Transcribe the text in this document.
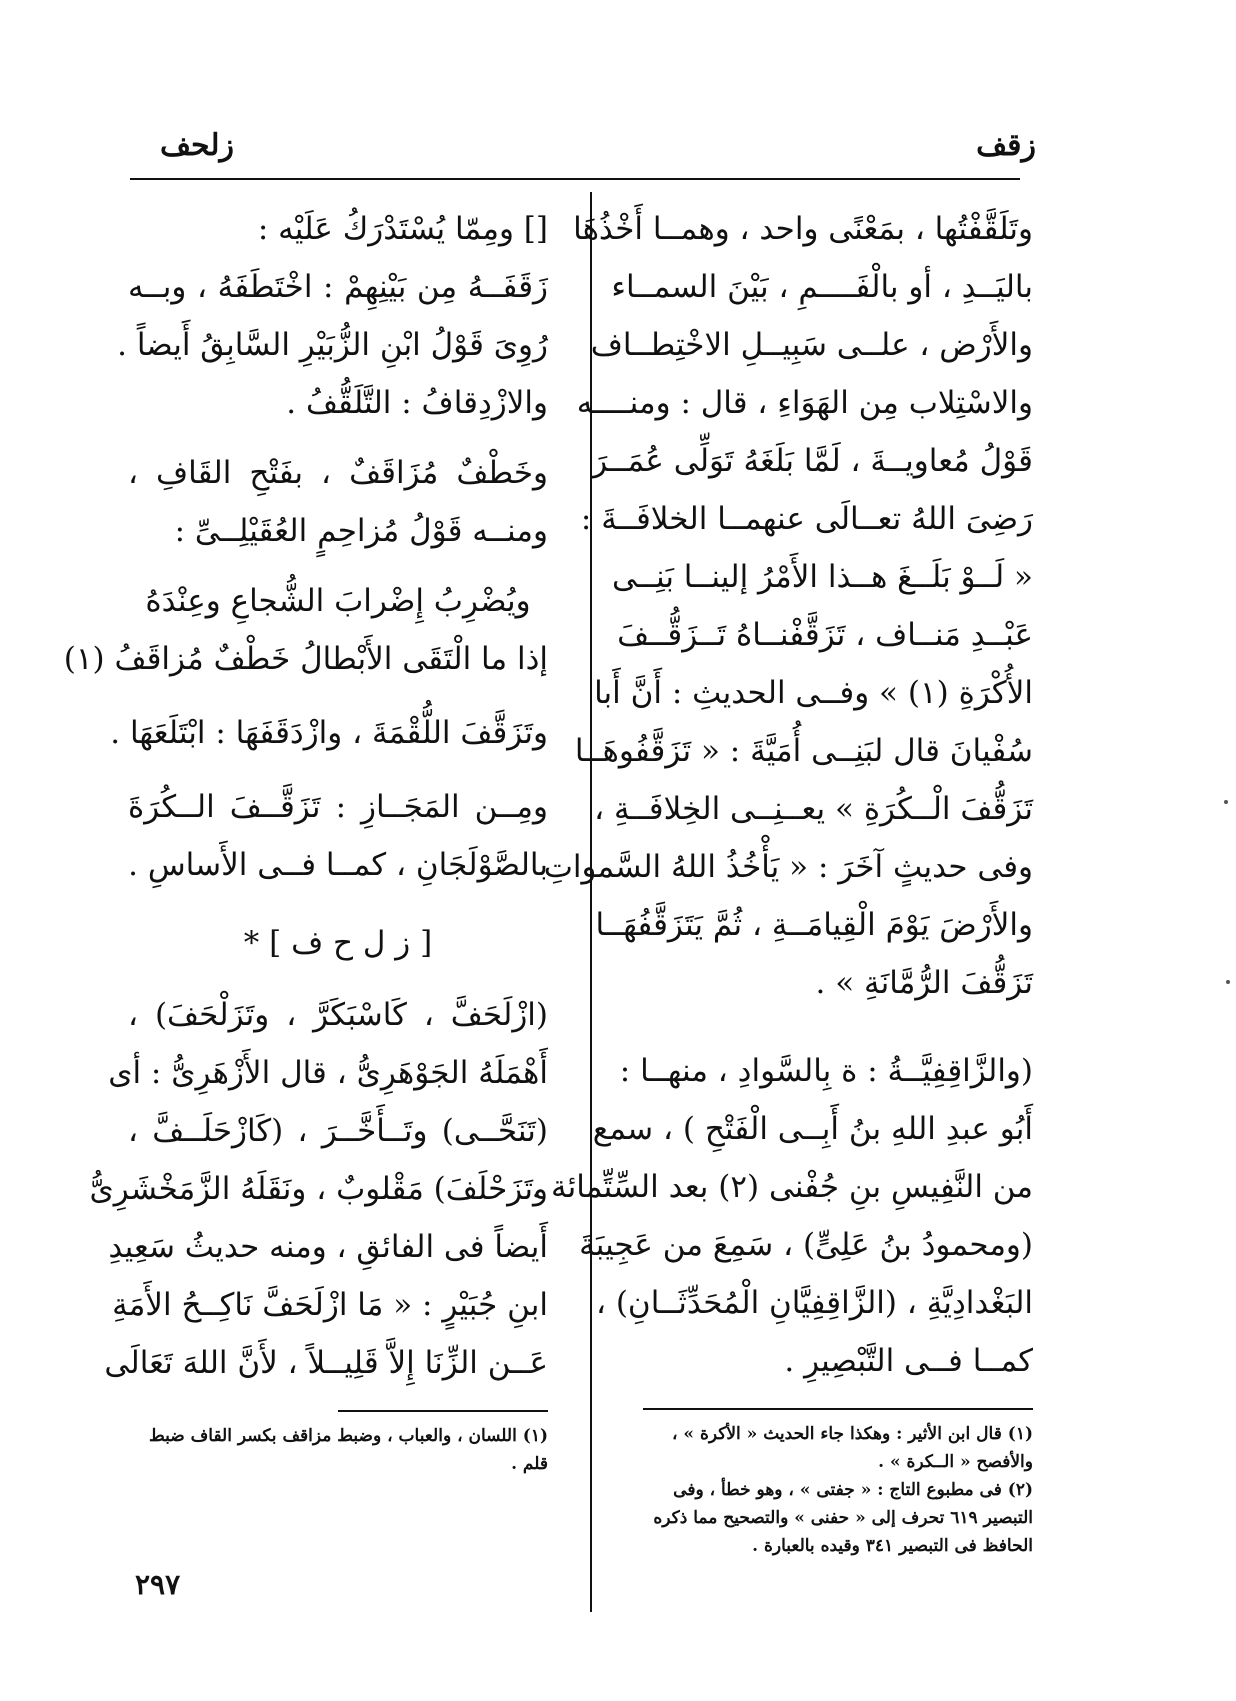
زقف
زلحف
وتَلَقَّفْتُها ، بمَعْنًى واحد ، وهمــا أَخْذُهَا
باليَــدِ ، أو بالْفَــــمِ ، بَيْنَ السمــاء
والأَرْض ، علــى سَبِيــلِ الاخْتِطــاف
والاسْتِلاب مِن الهَوَاءِ ، قال : ومنــــه
قَوْلُ مُعاويــةَ ، لَمَّا بَلَغَهُ تَوَلِّى عُمَــرَ
رَضِىَ اللهُ تعــالَى عنهمــا الخلافَــةَ :
« لَــوْ بَلَــغَ هــذا الأَمْرُ إلينــا بَنِــى
عَبْــدِ مَنــاف ، تَزَقَّفْنــاهُ تَــزَقُّــفَ
الأُكْرَةِ (١) » وفــى الحديثِ : أَنَّ أَبا
سُفْيانَ قال لبَنِــى أُمَيَّةَ : « تَزَقَّفُوهَــا
تَزَقُّفَ الْــكُرَةِ » يعــنِــى الخِلافَــةِ ،
وفى حديثٍ آخَرَ : « يَأْخُذُ اللهُ السَّمواتِ
والأَرْضَ يَوْمَ الْقِيامَــةِ ، ثُمَّ يَتَزَقَّفُهَــا
تَزَقُّفَ الرُّمَّانَةِ » .
(والزَّاقِفِيَّــةُ : ة بِالسَّوادِ ، منهــا :
أَبُو عبدِ اللهِ بنُ أَبِــى الْفَتْحِ ) ، سمع
من النَّفِيسِ بنِ جُفْنى (٢) بعد السِّتِّمائة .
(ومحمودُ بنُ عَلِىٍّ) ، سَمِعَ من عَجِيبَةَ
البَغْدادِيَّةِ ، (الزَّاقِفِيَّانِ الْمُحَدِّثَــانِ) ،
كمــا فــى التَّبْصِيرِ .
(١) قال ابن الأثير : وهكذا جاء الحديث « الأكرة » ، والأفصح « الــكرة » .
(٢) فى مطبوع التاج : « جفتى » ، وهو خطأ ، وفى التبصير ٦١٩ تحرف إلى « حفنى » والتصحيح مما ذكره الحافظ فى التبصير ٣٤١ وقيده بالعبارة .
[] ومِمّا يُسْتَدْرَكُ عَلَيْه :
زَقَفَــهُ مِن بَيْنِهِمْ : اخْتَطَفَهُ ، وبــه
رُوِىَ قَوْلُ ابْنِ الزُّبَيْرِ السَّابِقُ أَيضاً .
والازْدِقافُ : التَّلَقُّفُ .
وخَطْفٌ مُزَاقَفٌ ، بفَتْحِ القَافِ ،
ومنــه قَوْلُ مُزاحِمٍ العُقَيْلِــىِّ :
ويُضْرِبُ إِضْرابَ الشُّجاعِ وعِنْدَهُ
إذا ما الْتَقَى الأَبْطالُ خَطْفٌ مُزاقَفُ (١)
وتَزَقَّفَ اللُّقْمَةَ ، وازْدَقَفَهَا : ابْتَلَعَهَا .
ومِــن المَجَــازِ : تَزَقَّــفَ الــكُرَةَ
بالصَّوْلَجَانِ ، كمــا فــى الأَساسِ .
[ ز ل ح ف ] *
(ازْلَحَفَّ ، كَاسْبَكَرَّ ، وتَزَلْحَفَ) ،
أَهْمَلَهُ الجَوْهَرِىُّ ، قال الأَزْهَرِىُّ : أى
(تَنَحَّــى) وتَــأَخَّــرَ ، (كَازْحَلَــفَّ ،
وتَزَحْلَفَ) مَقْلوبٌ ، ونَقَلَهُ الزَّمَخْشَرِىُّ
أَيضاً فى الفائقِ ، ومنه حديثُ سَعِيدِ
ابنِ جُبَيْرٍ : « مَا ازْلَحَفَّ نَاكِــحُ الأَمَةِ
عَــن الزِّنَا إِلاَّ قَلِيــلاً ، لأَنَّ اللهَ تَعَالَى
(١) اللسان ، والعباب ، وضبط مزاقف بكسر القاف ضبط قلم .
٢٩٧
